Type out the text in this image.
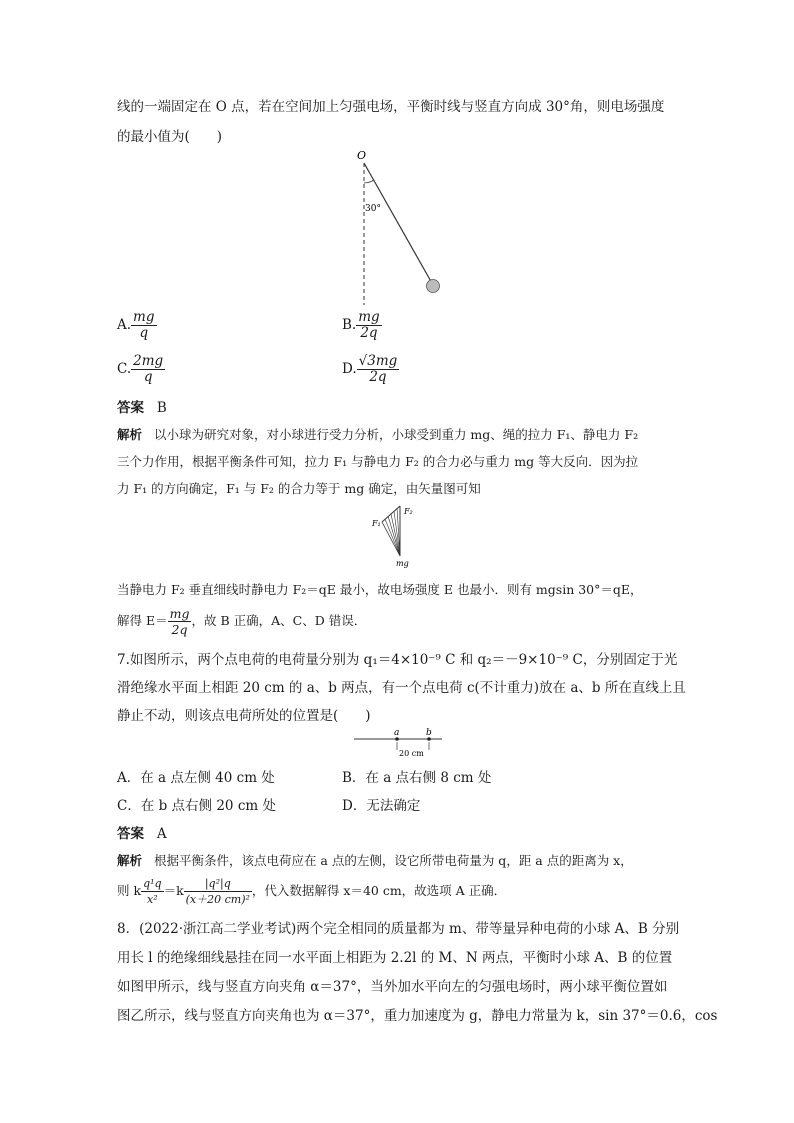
线的一端固定在 O 点，若在空间加上匀强电场，平衡时线与竖直方向成 30°角，则电场强度
的最小值为(　　)
O
30°
A. $\frac{mg}{q}$	B. $\frac{mg}{2q}$
C. $\frac{2mg}{q}$	D. $\frac{√3mg}{2q}$
答案 B
解析 以小球为研究对象，对小球进行受力分析，小球受到重力 mg、绳的拉力 F₁、静电力 F₂
三个力作用，根据平衡条件可知，拉力 F₁ 与静电力 F₂ 的合力必与重力 mg 等大反向．因为拉
力 F₁ 的方向确定，F₁ 与 F₂ 的合力等于 mg 确定，由矢量图可知
F₁
F₂
mg
当静电力 F₂ 垂直细线时静电力 F₂＝qE 最小，故电场强度 E 也最小．则有 mgsin 30°＝qE，
解得 $E= \frac{mg}{2q}$ ，故 B 正确，A、C、D 错误．
7.如图所示，两个点电荷的电荷量分别为 q₁＝4×10⁻⁹ C 和 q₂＝－9×10⁻⁹ C，分别固定于光
滑绝缘水平面上相距 20 cm 的 a、b 两点，有一个点电荷 c(不计重力)放在 a、b 所在直线上且
静止不动，则该点电荷所处的位置是(　　)
a	b
20 cm
A．在 a 点左侧 40 cm 处	B．在 a 点右侧 8 cm 处
C．在 b 点右侧 20 cm 处	D．无法确定
答案 A
解析 根据平衡条件，该点电荷应在 a 点的左侧，设它所带电荷量为 q，距 a 点的距离为 x，
则 k $\frac{\text{q¹q}}{\text{x²}} =k \frac{\text{|q²|q}}{\text{(x＋20 cm)²}}$ ，代入数据解得 x＝40 cm，故选项 A 正确．
8．(2022·浙江高二学业考试)两个完全相同的质量都为 m、带等量异种电荷的小球 A、B 分别
用长 l 的绝缘细线悬挂在同一水平面上相距为 2.2l 的 M、N 两点，平衡时小球 A、B 的位置
如图甲所示，线与竖直方向夹角 α＝37°，当外加水平向左的匀强电场时，两小球平衡位置如
图乙所示，线与竖直方向夹角也为 α＝37°，重力加速度为 g，静电力常量为 k，sin 37°＝0.6，cos
